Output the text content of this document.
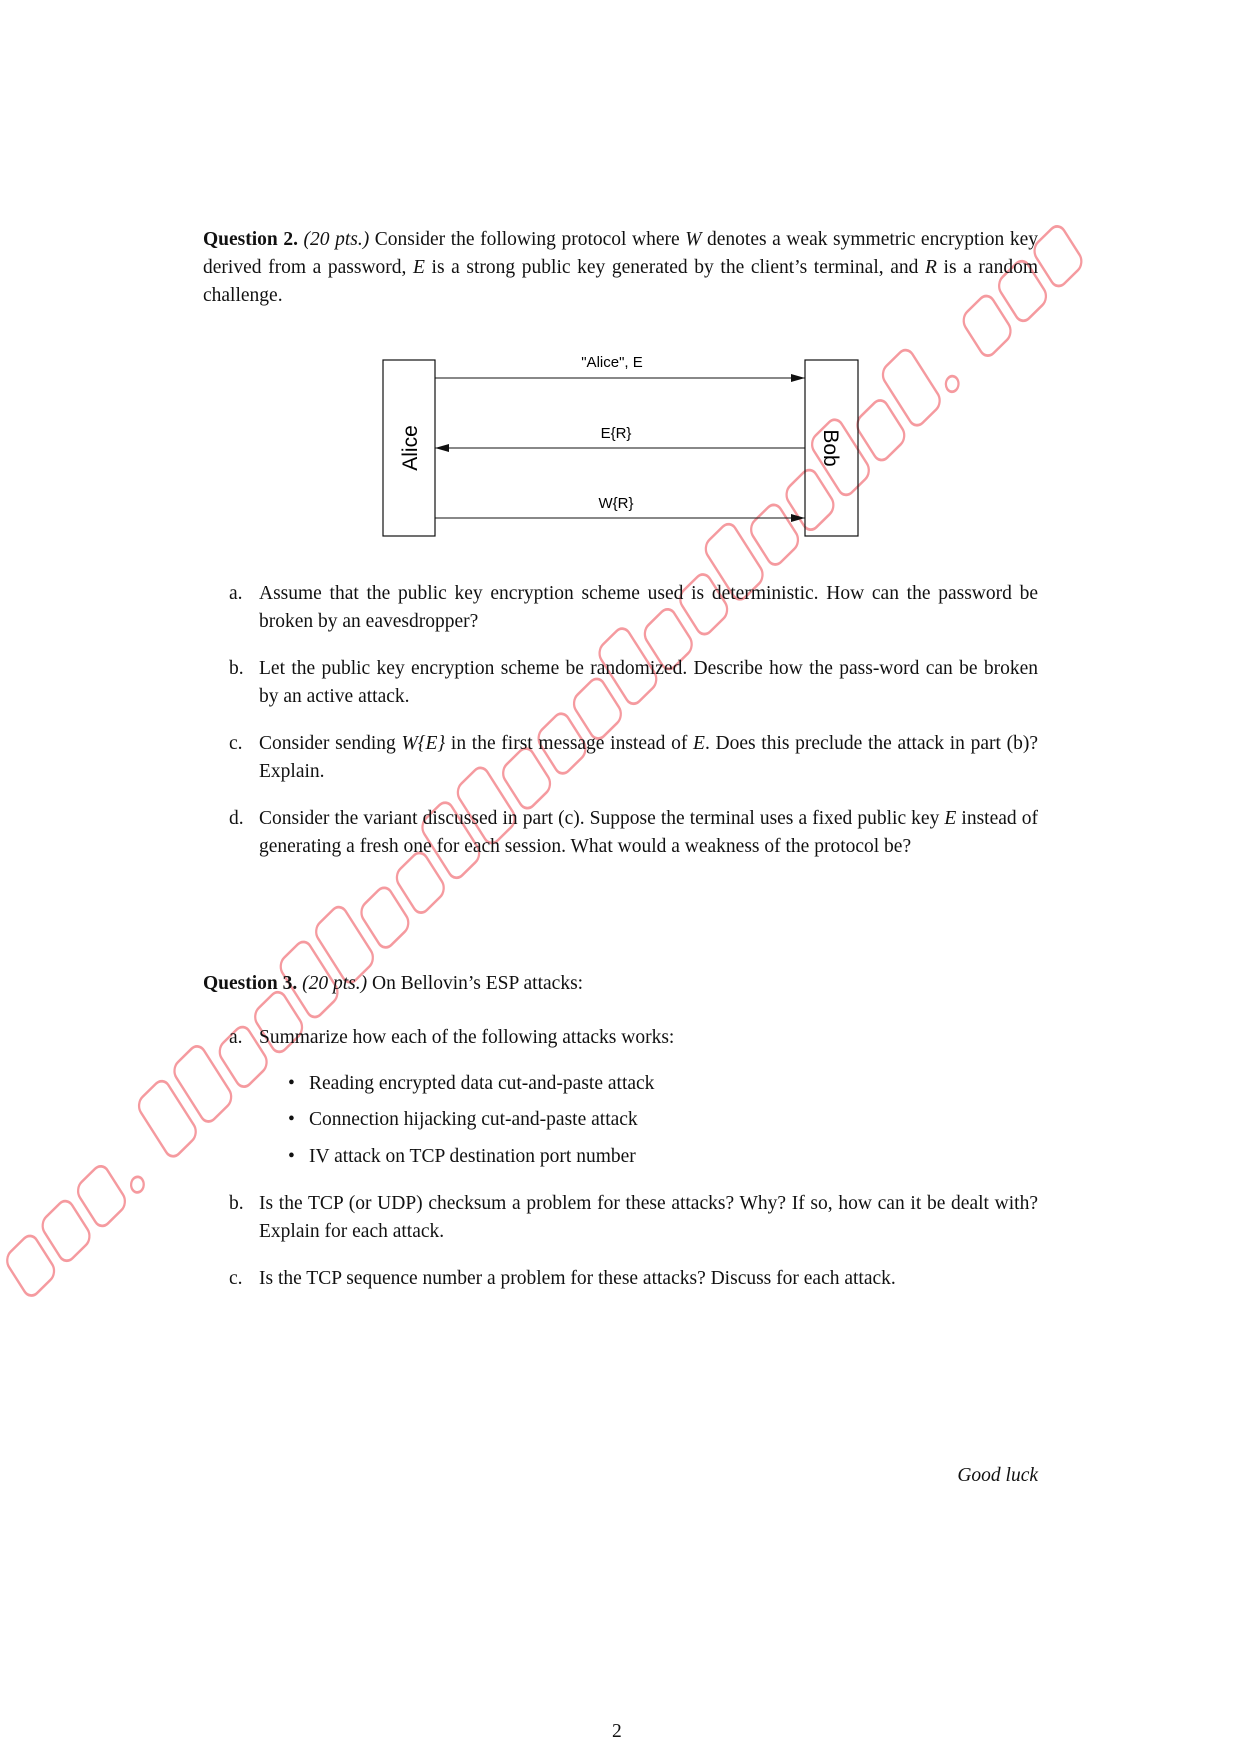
Question 2. (20 pts.) Consider the following protocol where W denotes a weak symmetric encryption key derived from a password, E is a strong public key generated by the client’s terminal, and R is a random challenge.
Alice	Bob
"Alice", E
E{R}
W{R}
a. Assume that the public key encryption scheme used is deterministic. How can the password be broken by an eavesdropper?
b. Let the public key encryption scheme be randomized. Describe how the pass-word can be broken by an active attack.
c. Consider sending W{E} in the first message instead of E. Does this preclude the attack in part (b)? Explain.
d. Consider the variant discussed in part (c). Suppose the terminal uses a fixed public key E instead of generating a fresh one for each session. What would a weakness of the protocol be?
Question 3. (20 pts.) On Bellovin’s ESP attacks:
a. Summarize how each of the following attacks works:
• Reading encrypted data cut-and-paste attack
• Connection hijacking cut-and-paste attack
• IV attack on TCP destination port number
b. Is the TCP (or UDP) checksum a problem for these attacks? Why? If so, how can it be dealt with? Explain for each attack.
c. Is the TCP sequence number a problem for these attacks? Discuss for each attack.
Good luck
2
